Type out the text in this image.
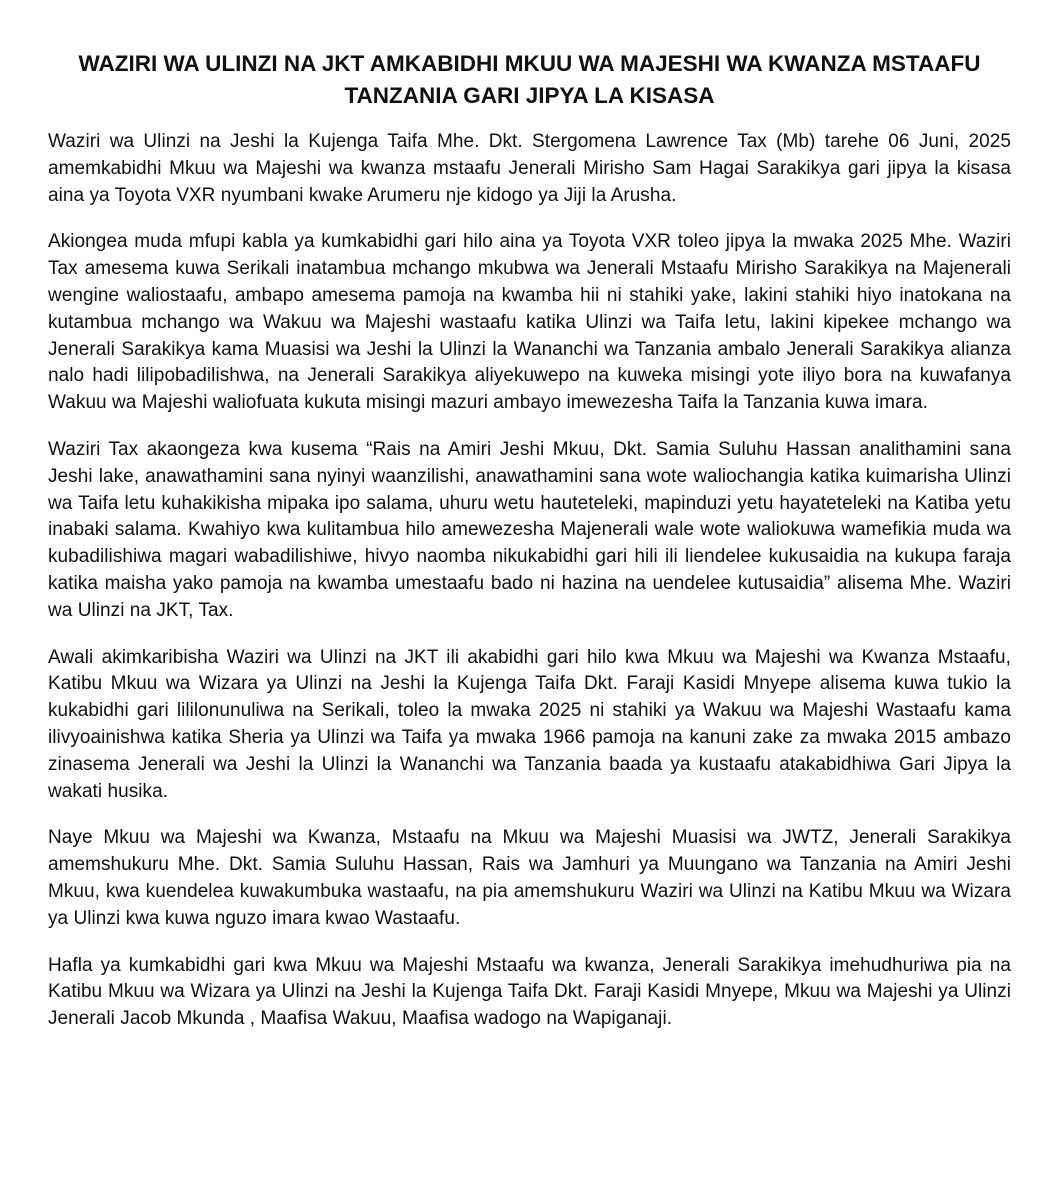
WAZIRI WA ULINZI NA JKT AMKABIDHI MKUU WA MAJESHI WA KWANZA MSTAAFU TANZANIA GARI JIPYA LA KISASA

Waziri wa Ulinzi na Jeshi la Kujenga Taifa Mhe. Dkt. Stergomena Lawrence Tax (Mb) tarehe 06 Juni, 2025 amemkabidhi Mkuu wa Majeshi wa kwanza mstaafu Jenerali Mirisho Sam Hagai Sarakikya gari jipya la kisasa aina ya Toyota VXR nyumbani kwake Arumeru nje kidogo ya Jiji la Arusha.

Akiongea muda mfupi kabla ya kumkabidhi gari hilo aina ya Toyota VXR toleo jipya la mwaka 2025 Mhe. Waziri Tax amesema kuwa Serikali inatambua mchango mkubwa wa Jenerali Mstaafu Mirisho Sarakikya na Majenerali wengine waliostaafu, ambapo amesema pamoja na kwamba hii ni stahiki yake, lakini stahiki hiyo inatokana na kutambua mchango wa Wakuu wa Majeshi wastaafu katika Ulinzi wa Taifa letu, lakini kipekee mchango wa Jenerali Sarakikya kama Muasisi wa Jeshi la Ulinzi la Wananchi wa Tanzania ambalo Jenerali Sarakikya alianza nalo hadi lilipobadilishwa, na Jenerali Sarakikya aliyekuwepo na kuweka misingi yote iliyo bora na kuwafanya Wakuu wa Majeshi waliofuata kukuta misingi mazuri ambayo imewezesha Taifa la Tanzania kuwa imara.

Waziri Tax akaongeza kwa kusema “Rais na Amiri Jeshi Mkuu, Dkt. Samia Suluhu Hassan analithamini sana Jeshi lake, anawathamini sana nyinyi waanzilishi, anawathamini sana wote waliochangia katika kuimarisha Ulinzi wa Taifa letu kuhakikisha mipaka ipo salama, uhuru wetu hauteteleki, mapinduzi yetu hayateteleki na Katiba yetu inabaki salama. Kwahiyo kwa kulitambua hilo amewezesha Majenerali wale wote waliokuwa wamefikia muda wa kubadilishiwa magari wabadilishiwe, hivyo naomba nikukabidhi gari hili ili liendelee kukusaidia na kukupa faraja katika maisha yako pamoja na kwamba umestaafu bado ni hazina na uendelee kutusaidia” alisema Mhe. Waziri wa Ulinzi na JKT, Tax.

Awali akimkaribisha Waziri wa Ulinzi na JKT ili akabidhi gari hilo kwa Mkuu wa Majeshi wa Kwanza Mstaafu, Katibu Mkuu wa Wizara ya Ulinzi na Jeshi la Kujenga Taifa Dkt. Faraji Kasidi Mnyepe alisema kuwa tukio la kukabidhi gari lililonunuliwa na Serikali, toleo la mwaka 2025 ni stahiki ya Wakuu wa Majeshi Wastaafu kama ilivyoainishwa katika Sheria ya Ulinzi wa Taifa ya mwaka 1966 pamoja na kanuni zake za mwaka 2015 ambazo zinasema Jenerali wa Jeshi la Ulinzi la Wananchi wa Tanzania baada ya kustaafu atakabidhiwa Gari Jipya la wakati husika.

Naye Mkuu wa Majeshi wa Kwanza, Mstaafu na Mkuu wa Majeshi Muasisi wa JWTZ, Jenerali Sarakikya amemshukuru Mhe. Dkt. Samia Suluhu Hassan, Rais wa Jamhuri ya Muungano wa Tanzania na Amiri Jeshi Mkuu, kwa kuendelea kuwakumbuka wastaafu, na pia amemshukuru Waziri wa Ulinzi na Katibu Mkuu wa Wizara ya Ulinzi kwa kuwa nguzo imara kwao Wastaafu.

Hafla ya kumkabidhi gari kwa Mkuu wa Majeshi Mstaafu wa kwanza, Jenerali Sarakikya imehudhuriwa pia na Katibu Mkuu wa Wizara ya Ulinzi na Jeshi la Kujenga Taifa Dkt. Faraji Kasidi Mnyepe, Mkuu wa Majeshi ya Ulinzi Jenerali Jacob Mkunda , Maafisa Wakuu, Maafisa wadogo na Wapiganaji.
